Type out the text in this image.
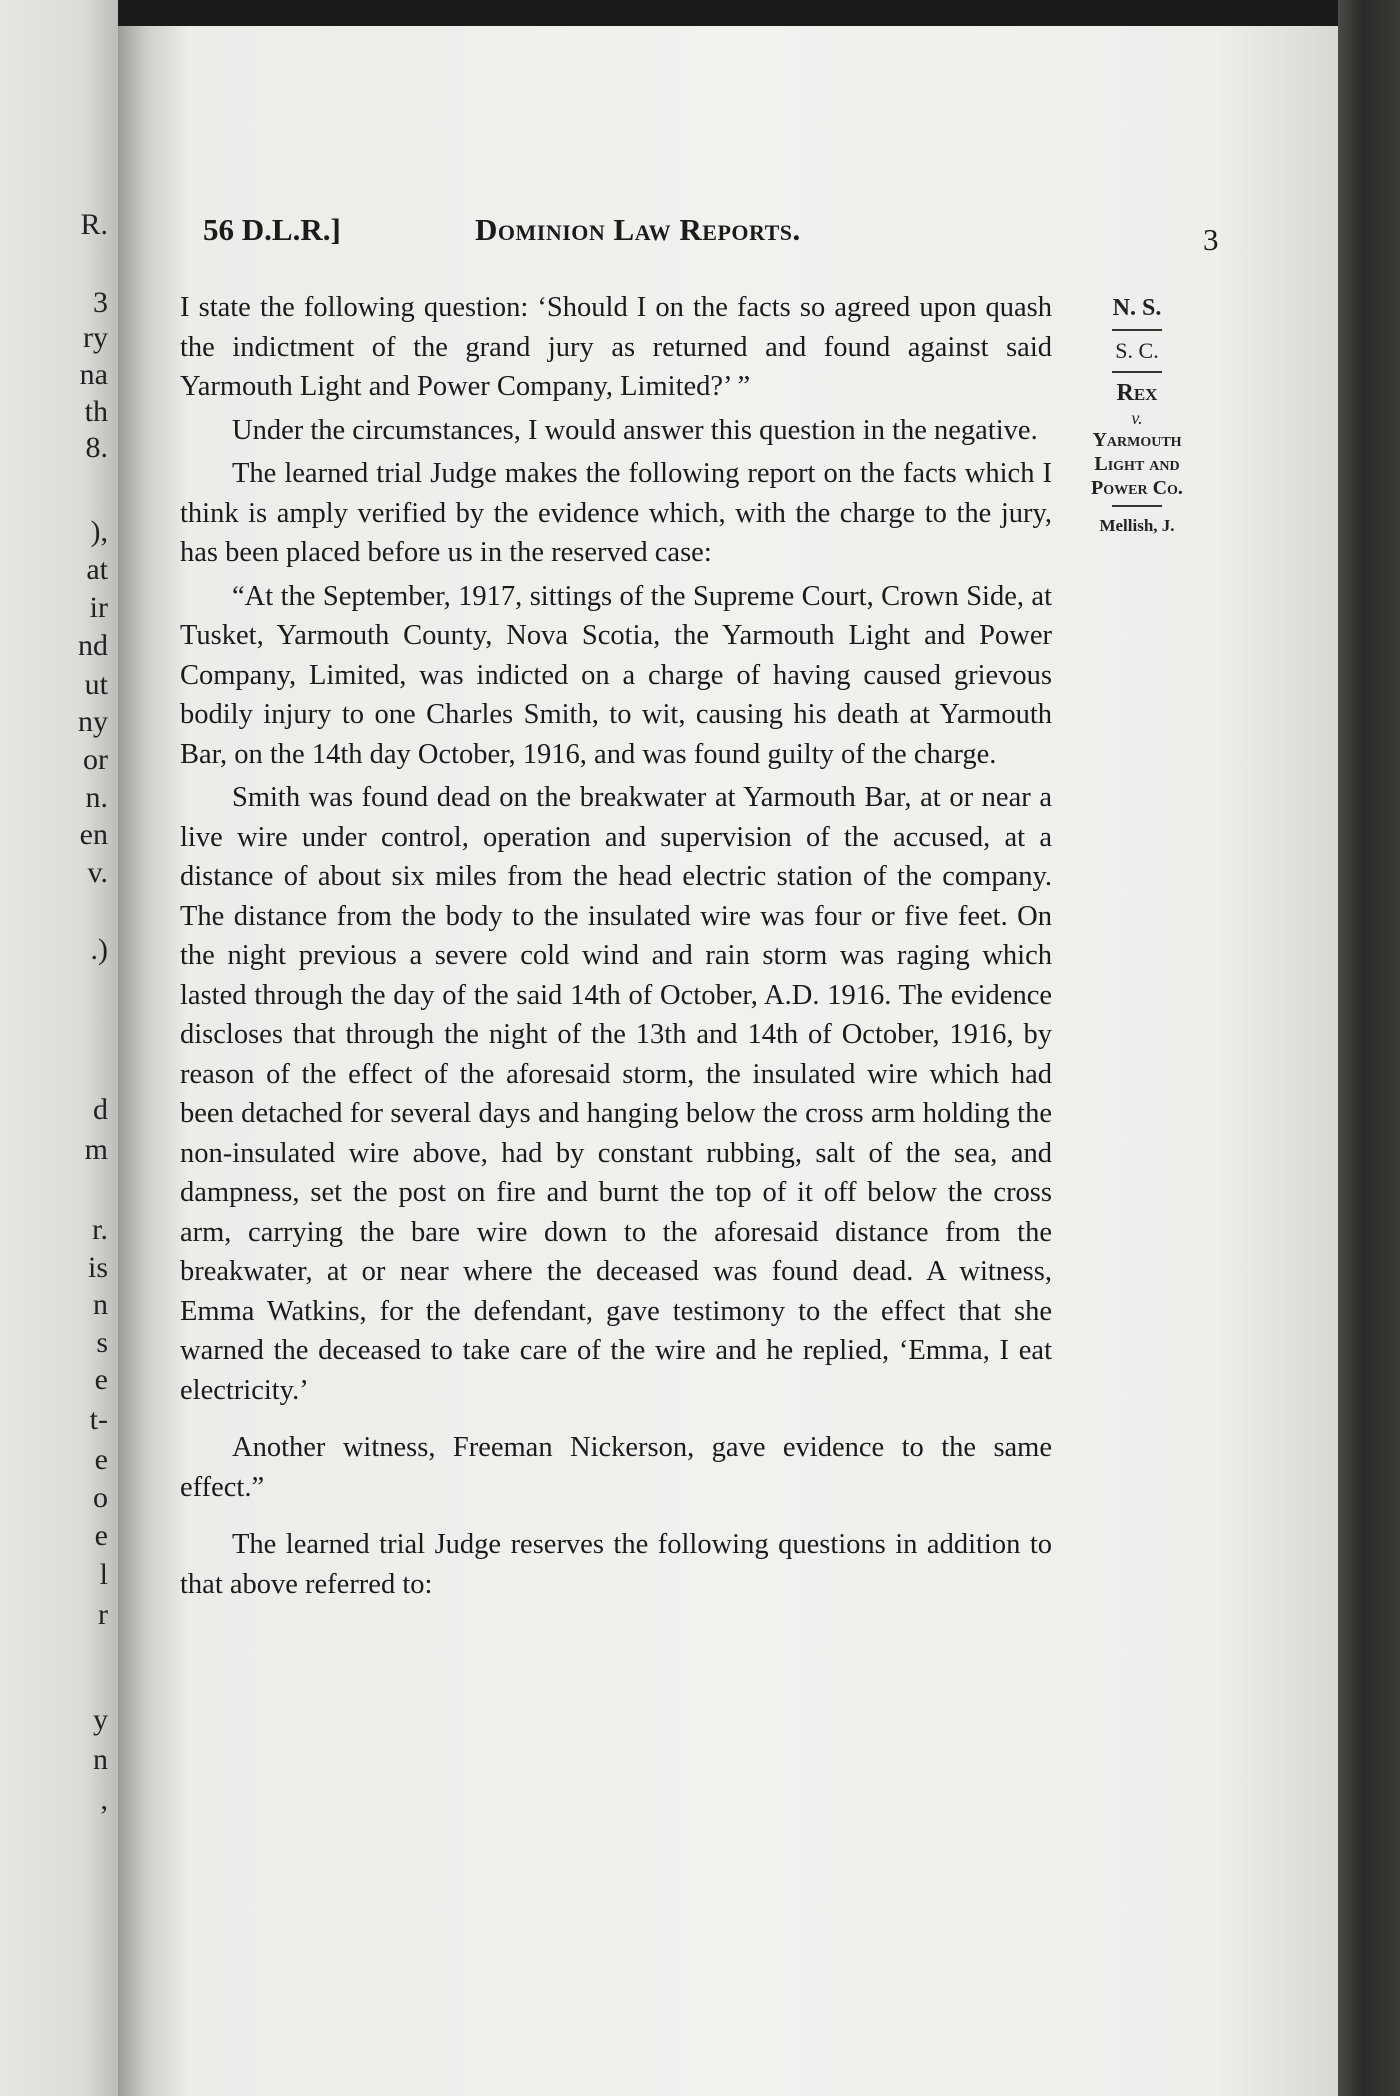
R.
3
ry
na
th
8.
),
at
ir
nd
ut
ny
or
n.
en
v.
.)
d
m
r.
is
n
s
e
t-
e
o
e
l
r
y
n
,
56 D.L.R.]	Dominion Law Reports.	3

I state the following question: ‘Should I on the facts so agreed upon quash the indictment of the grand jury as returned and found against said Yarmouth Light and Power Company, Limited?’ ”

Under the circumstances, I would answer this question in the negative.

The learned trial Judge makes the following report on the facts which I think is amply verified by the evidence which, with the charge to the jury, has been placed before us in the reserved case:

“At the September, 1917, sittings of the Supreme Court, Crown Side, at Tusket, Yarmouth County, Nova Scotia, the Yarmouth Light and Power Company, Limited, was indicted on a charge of having caused grievous bodily injury to one Charles Smith, to wit, causing his death at Yarmouth Bar, on the 14th day October, 1916, and was found guilty of the charge.

Smith was found dead on the breakwater at Yarmouth Bar, at or near a live wire under control, operation and supervision of the accused, at a distance of about six miles from the head electric station of the company. The distance from the body to the insulated wire was four or five feet. On the night previous a severe cold wind and rain storm was raging which lasted through the day of the said 14th of October, A.D. 1916. The evidence discloses that through the night of the 13th and 14th of October, 1916, by reason of the effect of the aforesaid storm, the insulated wire which had been detached for several days and hanging below the cross arm holding the non-insulated wire above, had by constant rubbing, salt of the sea, and dampness, set the post on fire and burnt the top of it off below the cross arm, carrying the bare wire down to the aforesaid distance from the breakwater, at or near where the deceased was found dead. A witness, Emma Watkins, for the defendant, gave testimony to the effect that she warned the deceased to take care of the wire and he replied, ‘Emma, I eat electricity.’

Another witness, Freeman Nickerson, gave evidence to the same effect.”

The learned trial Judge reserves the following questions in addition to that above referred to:

N. S.
S. C.
Rex
v.
Yarmouth
Light and
Power Co.
Mellish, J.
